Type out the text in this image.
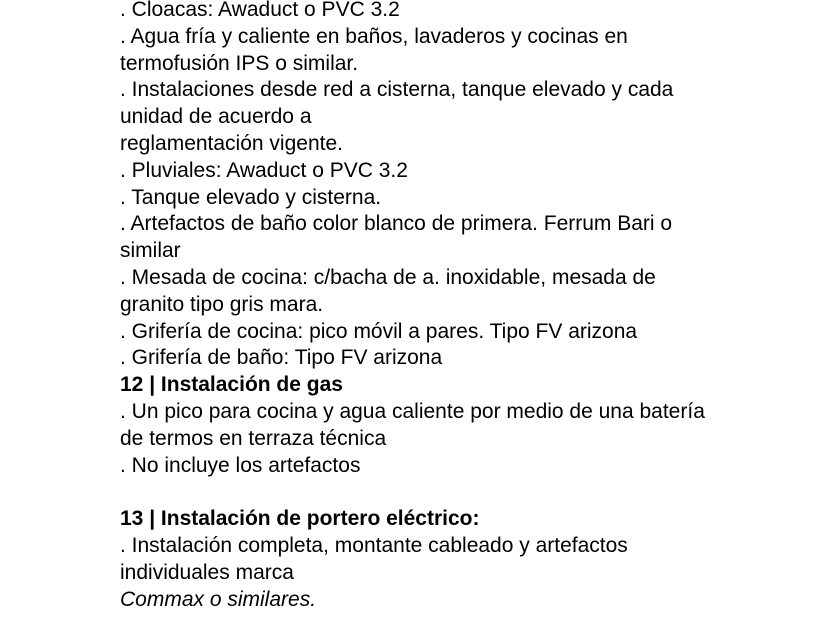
. Cloacas: Awaduct o PVC 3.2
. Agua fría y caliente en baños, lavaderos y cocinas en
termofusión IPS o similar.
. Instalaciones desde red a cisterna, tanque elevado y cada
unidad de acuerdo a
reglamentación vigente.
. Pluviales: Awaduct o PVC 3.2
. Tanque elevado y cisterna.
. Artefactos de baño color blanco de primera. Ferrum Bari o
similar
. Mesada de cocina: c/bacha de a. inoxidable, mesada de
granito tipo gris mara.
. Grifería de cocina: pico móvil a pares. Tipo FV arizona
. Grifería de baño: Tipo FV arizona
12 | Instalación de gas
. Un pico para cocina y agua caliente por medio de una batería
de termos en terraza técnica
. No incluye los artefactos
13 | Instalación de portero eléctrico:
. Instalación completa, montante cableado y artefactos
individuales marca
Commax o similares.
